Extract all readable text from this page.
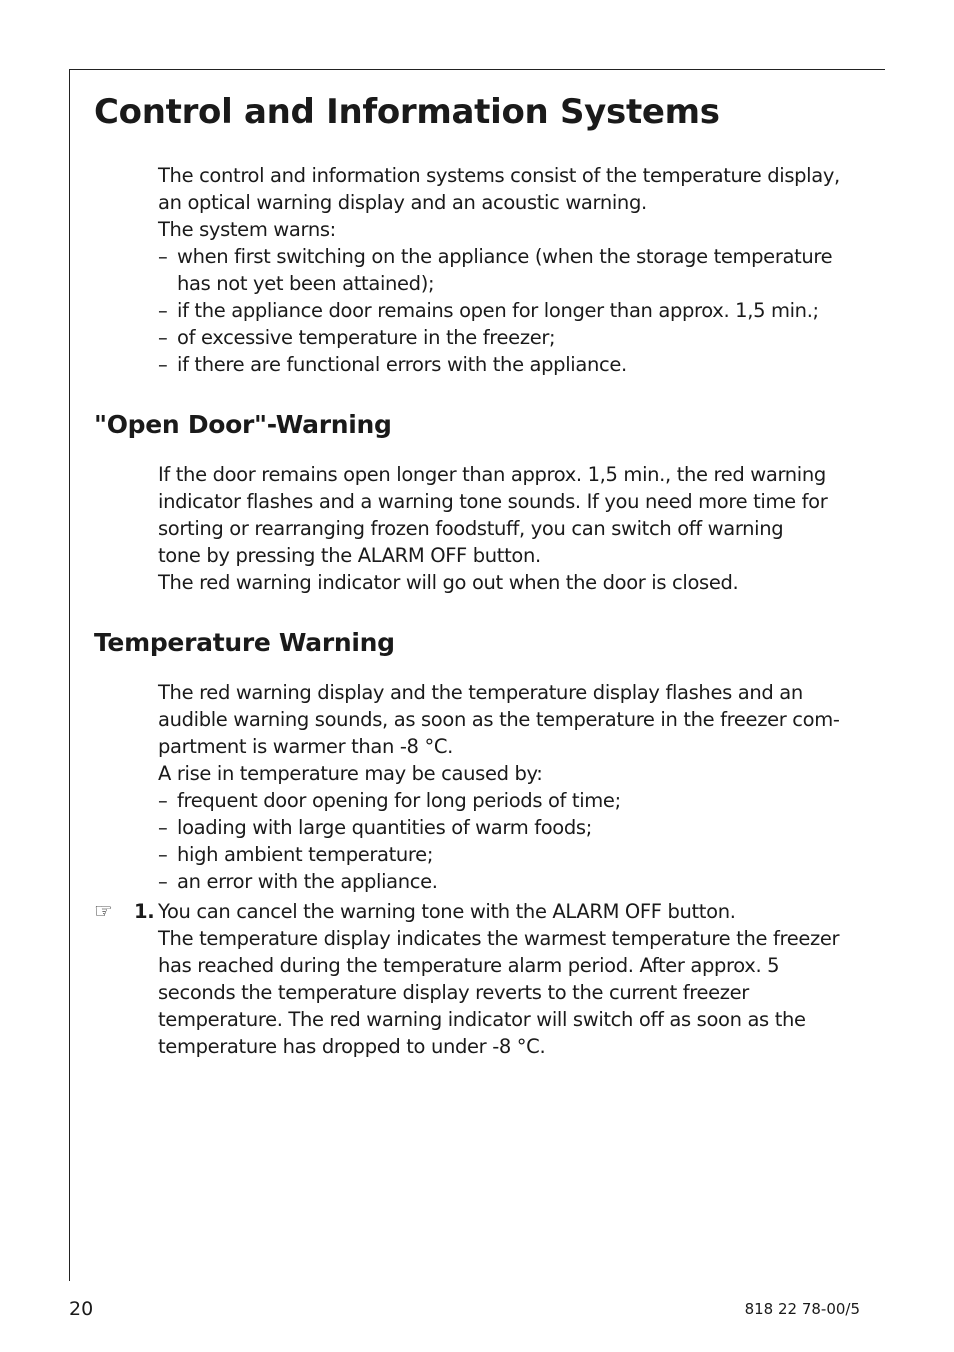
Control and Information Systems
The control and information systems consist of the temperature display,
an optical warning display and an acoustic warning.
The system warns:
– when first switching on the appliance (when the storage temperature has not yet been attained);
– if the appliance door remains open for longer than approx. 1,5 min.;
– of excessive temperature in the freezer;
– if there are functional errors with the appliance.
"Open Door"-Warning
If the door remains open longer than approx. 1,5 min., the red warning
indicator flashes and a warning tone sounds. If you need more time for
sorting or rearranging frozen foodstuff, you can switch off warning
tone by pressing the ALARM OFF button.
The red warning indicator will go out when the door is closed.
Temperature Warning
The red warning display and the temperature display flashes and an
audible warning sounds, as soon as the temperature in the freezer com-
partment is warmer than -8 °C.
A rise in temperature may be caused by:
– frequent door opening for long periods of time;
– loading with large quantities of warm foods;
– high ambient temperature;
– an error with the appliance.
☞ 1. You can cancel the warning tone with the ALARM OFF button.
The temperature display indicates the warmest temperature the freezer
has reached during the temperature alarm period. After approx. 5
seconds the temperature display reverts to the current freezer
temperature. The red warning indicator will switch off as soon as the
temperature has dropped to under -8 °C.
20	818 22 78-00/5
